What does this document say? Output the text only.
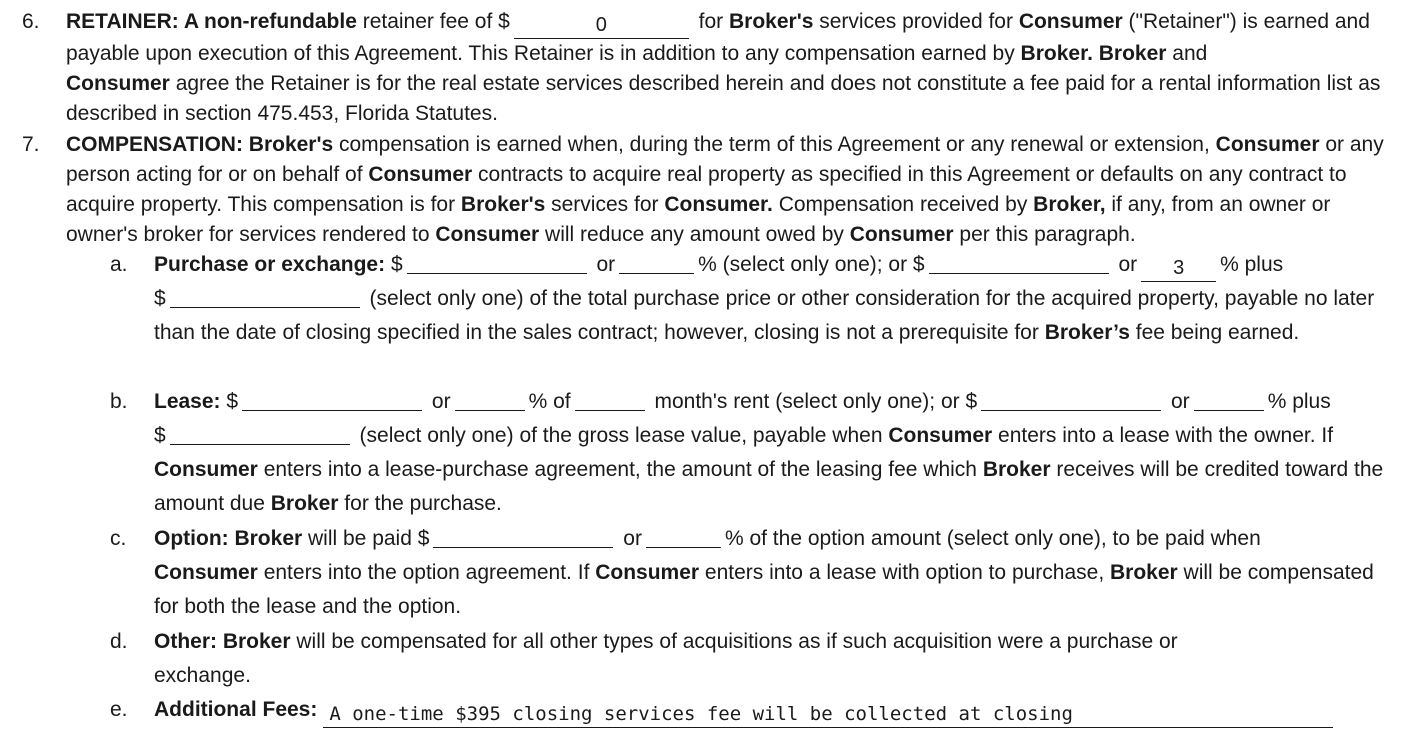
6. RETAINER: A non-refundable retainer fee of $	0	for Broker's services provided for Consumer ("Retainer") is earned and payable upon execution of this Agreement. This Retainer is in addition to any compensation earned by Broker. Broker and
Consumer agree the Retainer is for the real estate services described herein and does not constitute a fee paid for a rental information list as described in section 475.453, Florida Statutes.
7. COMPENSATION: Broker's compensation is earned when, during the term of this Agreement or any renewal or extension, Consumer or any person acting for or on behalf of Consumer contracts to acquire real property as specified in this Agreement or defaults on any contract to acquire property. This compensation is for Broker's services for Consumer. Compensation received by Broker, if any, from an owner or owner's broker for services rendered to Consumer will reduce any amount owed by Consumer per this paragraph.
a. Purchase or exchange: $	or	% (select only one); or $	or 3 % plus
$	(select only one) of the total purchase price or other consideration for the acquired property, payable no later than the date of closing specified in the sales contract; however, closing is not a prerequisite for Broker’s fee being earned.
b. Lease: $	or	% of	month's rent (select only one); or $	or	% plus
$	(select only one) of the gross lease value, payable when Consumer enters into a lease with the owner. If Consumer enters into a lease-purchase agreement, the amount of the leasing fee which Broker receives will be credited toward the amount due Broker for the purchase.
c. Option: Broker will be paid $	or	% of the option amount (select only one), to be paid when
Consumer enters into the option agreement. If Consumer enters into a lease with option to purchase, Broker will be compensated for both the lease and the option.
d. Other: Broker will be compensated for all other types of acquisitions as if such acquisition were a purchase or exchange.
e. Additional Fees: A one-time $395 closing services fee will be collected at closing
